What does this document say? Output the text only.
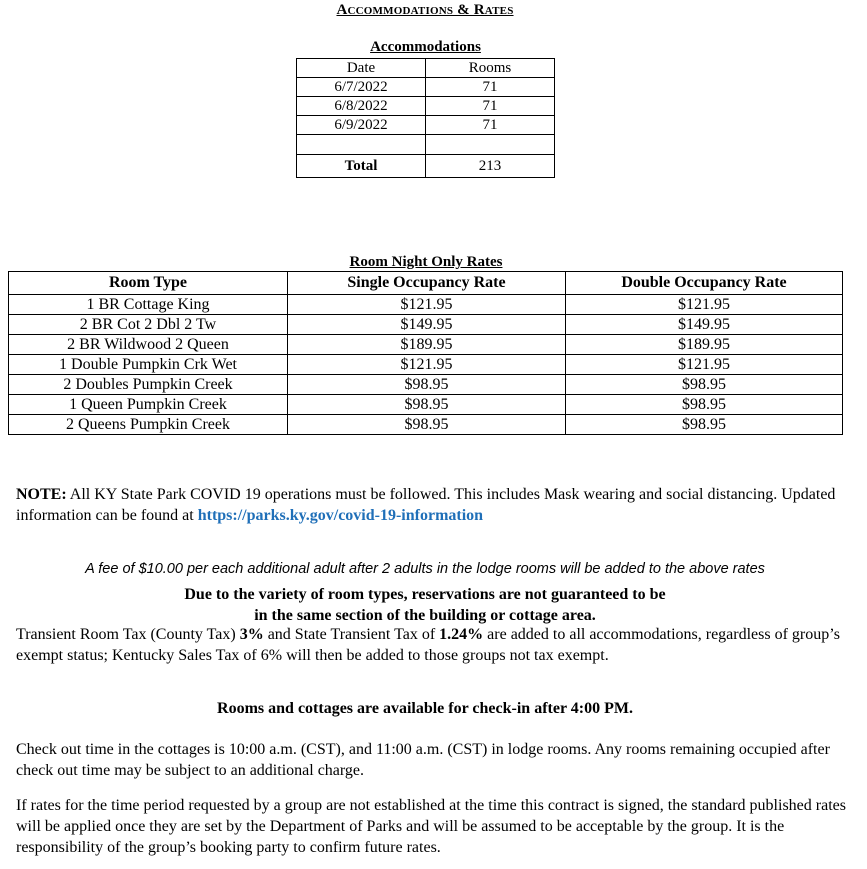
Accommodations & Rates
Accommodations
Date	Rooms
6/7/2022	71
6/8/2022	71
6/9/2022	71

Total	213
Room Night Only Rates
Room Type	Single Occupancy Rate	Double Occupancy Rate
1 BR Cottage King	$121.95	$121.95
2 BR Cot 2 Dbl 2 Tw	$149.95	$149.95
2 BR Wildwood 2 Queen	$189.95	$189.95
1 Double Pumpkin Crk Wet	$121.95	$121.95
2 Doubles Pumpkin Creek	$98.95	$98.95
1 Queen Pumpkin Creek	$98.95	$98.95
2 Queens Pumpkin Creek	$98.95	$98.95
NOTE: All KY State Park COVID 19 operations must be followed. This includes Mask wearing and social distancing. Updated information can be found at https://parks.ky.gov/covid-19-information
A fee of $10.00 per each additional adult after 2 adults in the lodge rooms will be added to the above rates
Due to the variety of room types, reservations are not guaranteed to be
in the same section of the building or cottage area.
Transient Room Tax (County Tax) 3% and State Transient Tax of 1.24% are added to all accommodations, regardless of group’s exempt status; Kentucky Sales Tax of 6% will then be added to those groups not tax exempt.
Rooms and cottages are available for check-in after 4:00 PM.
Check out time in the cottages is 10:00 a.m. (CST), and 11:00 a.m. (CST) in lodge rooms. Any rooms remaining occupied after check out time may be subject to an additional charge.
If rates for the time period requested by a group are not established at the time this contract is signed, the standard published rates will be applied once they are set by the Department of Parks and will be assumed to be acceptable by the group. It is the responsibility of the group’s booking party to confirm future rates.
